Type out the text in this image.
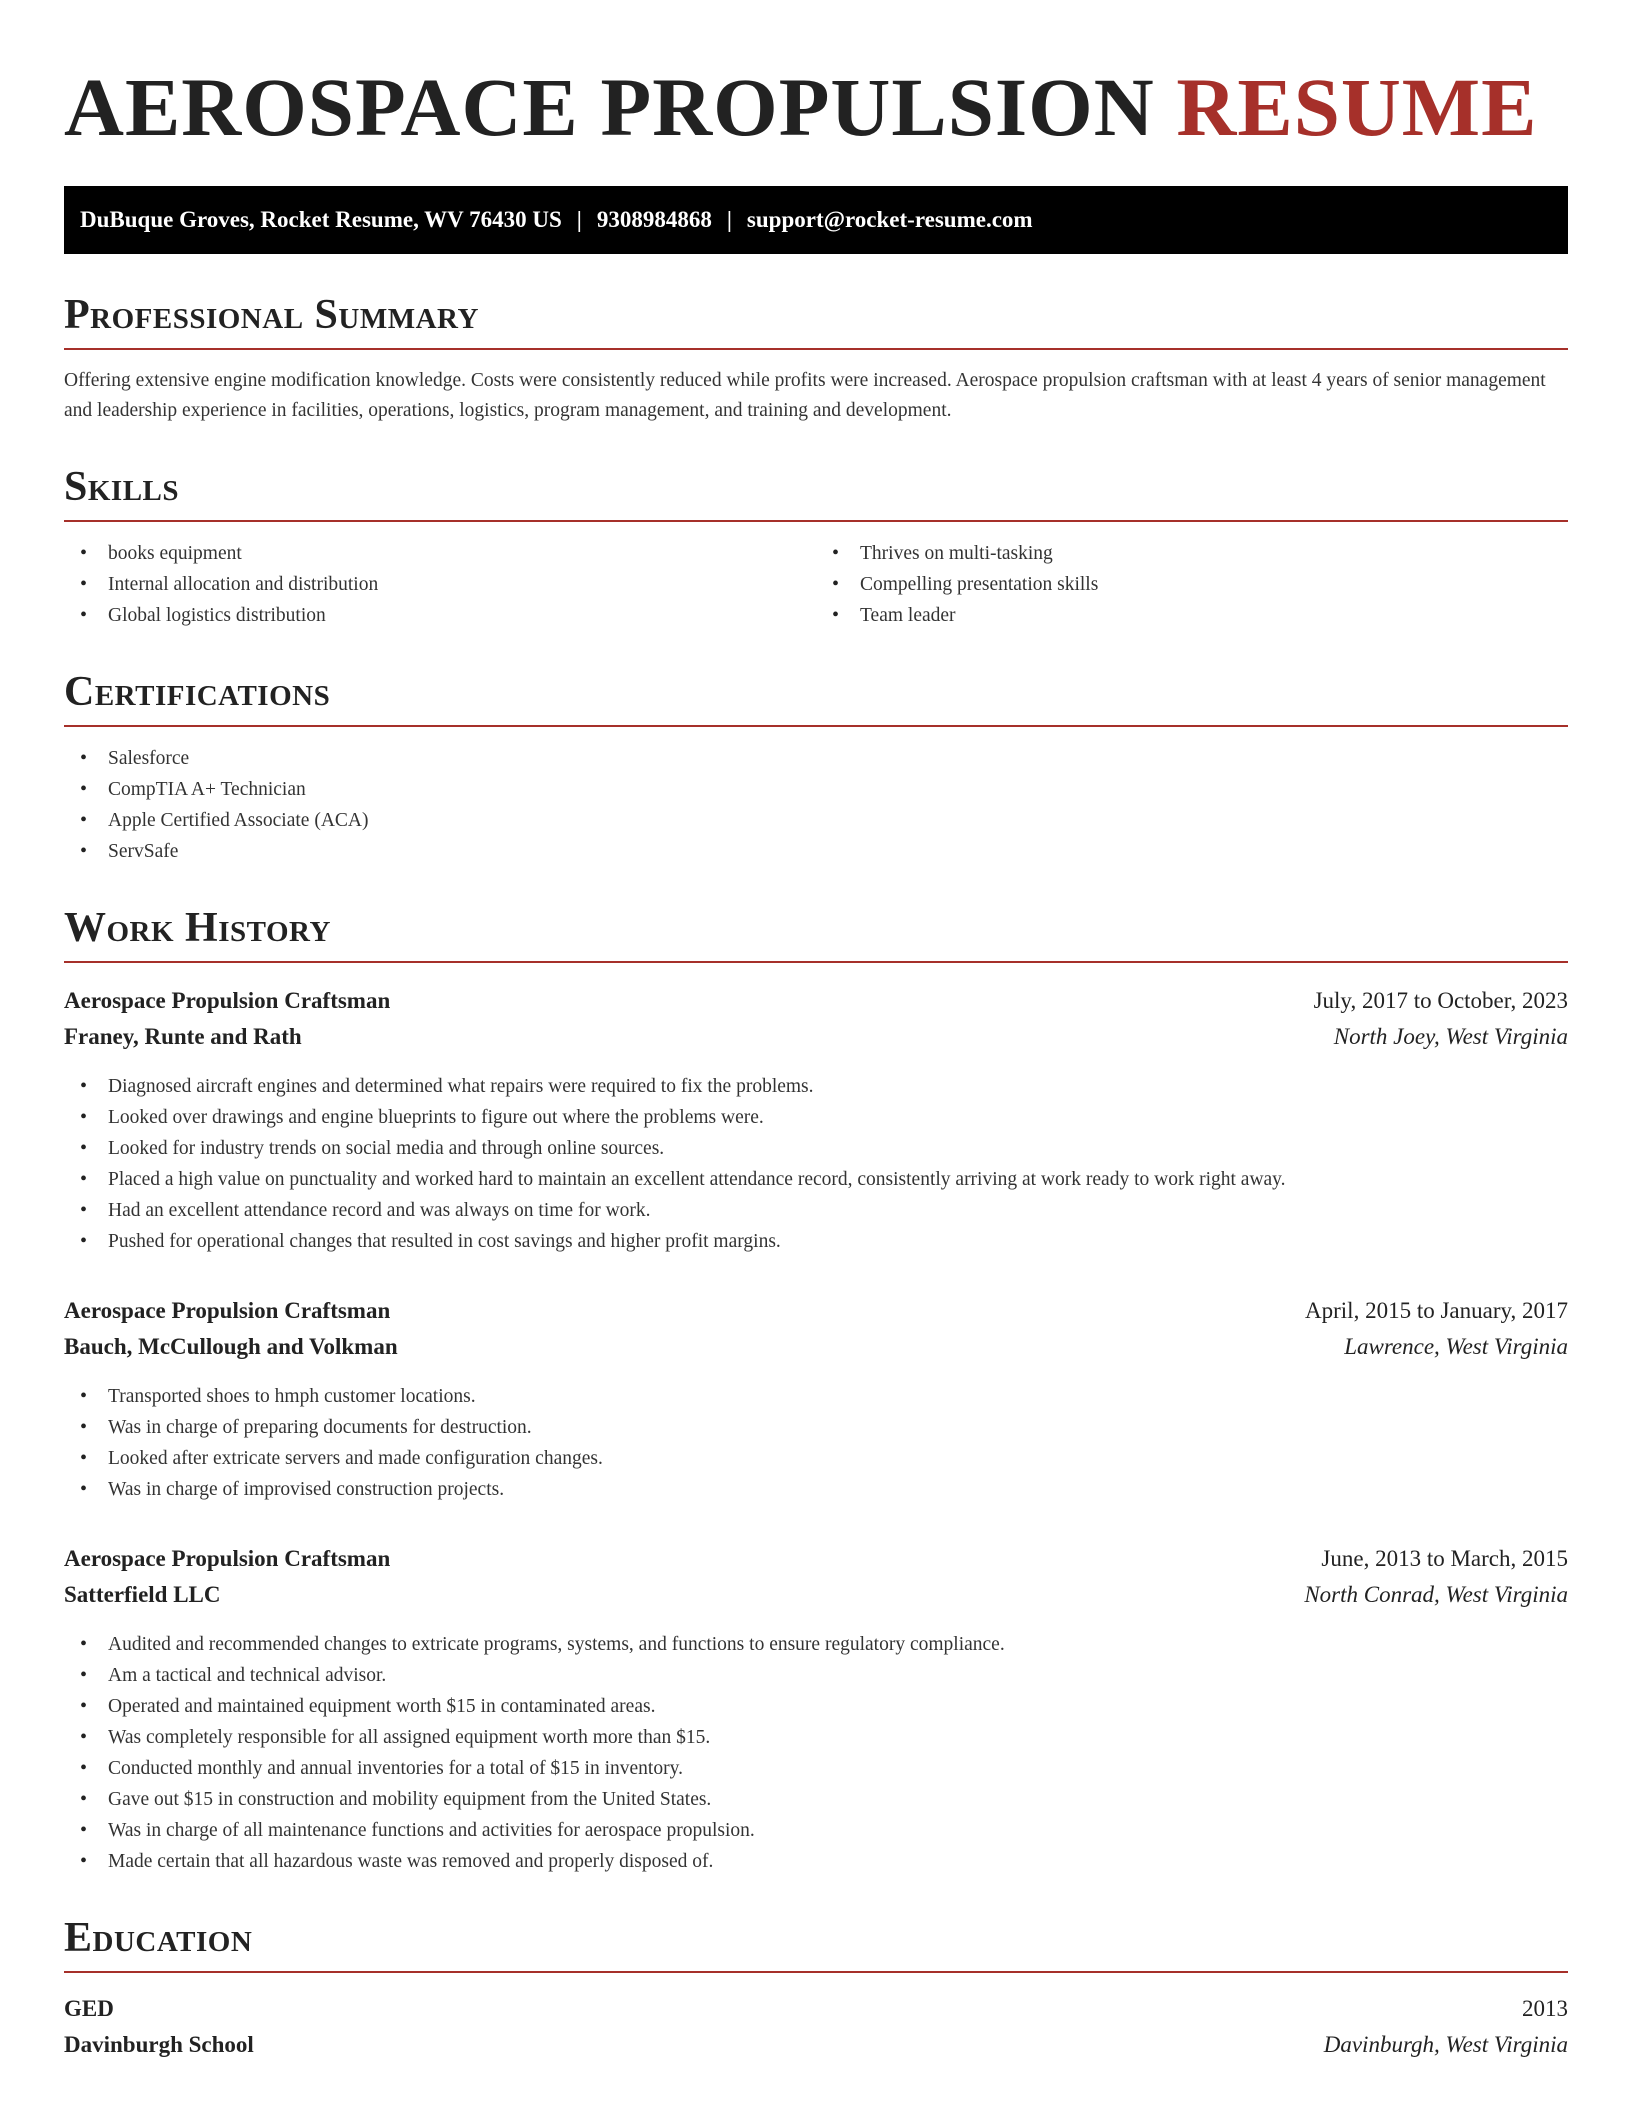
AEROSPACE PROPULSION RESUME
DuBuque Groves, Rocket Resume, WV 76430 US | 9308984868 | support@rocket-resume.com
Professional Summary

Offering extensive engine modification knowledge. Costs were consistently reduced while profits were increased. Aerospace propulsion craftsman with at least 4 years of senior management and leadership experience in facilities, operations, logistics, program management, and training and development.

Skills
• books equipment
• Internal allocation and distribution
• Global logistics distribution
• Thrives on multi-tasking
• Compelling presentation skills
• Team leader
Certifications
• Salesforce
• CompTIA A+ Technician
• Apple Certified Associate (ACA)
• ServSafe
Work History
Aerospace Propulsion Craftsman	July, 2017 to October, 2023
Franey, Runte and Rath	North Joey, West Virginia
• Diagnosed aircraft engines and determined what repairs were required to fix the problems.
• Looked over drawings and engine blueprints to figure out where the problems were.
• Looked for industry trends on social media and through online sources.
• Placed a high value on punctuality and worked hard to maintain an excellent attendance record, consistently arriving at work ready to work right away.
• Had an excellent attendance record and was always on time for work.
• Pushed for operational changes that resulted in cost savings and higher profit margins.
Aerospace Propulsion Craftsman	April, 2015 to January, 2017
Bauch, McCullough and Volkman	Lawrence, West Virginia
• Transported shoes to hmph customer locations.
• Was in charge of preparing documents for destruction.
• Looked after extricate servers and made configuration changes.
• Was in charge of improvised construction projects.
Aerospace Propulsion Craftsman	June, 2013 to March, 2015
Satterfield LLC	North Conrad, West Virginia
• Audited and recommended changes to extricate programs, systems, and functions to ensure regulatory compliance.
• Am a tactical and technical advisor.
• Operated and maintained equipment worth $15 in contaminated areas.
• Was completely responsible for all assigned equipment worth more than $15.
• Conducted monthly and annual inventories for a total of $15 in inventory.
• Gave out $15 in construction and mobility equipment from the United States.
• Was in charge of all maintenance functions and activities for aerospace propulsion.
• Made certain that all hazardous waste was removed and properly disposed of.
Education
GED	2013
Davinburgh School	Davinburgh, West Virginia
